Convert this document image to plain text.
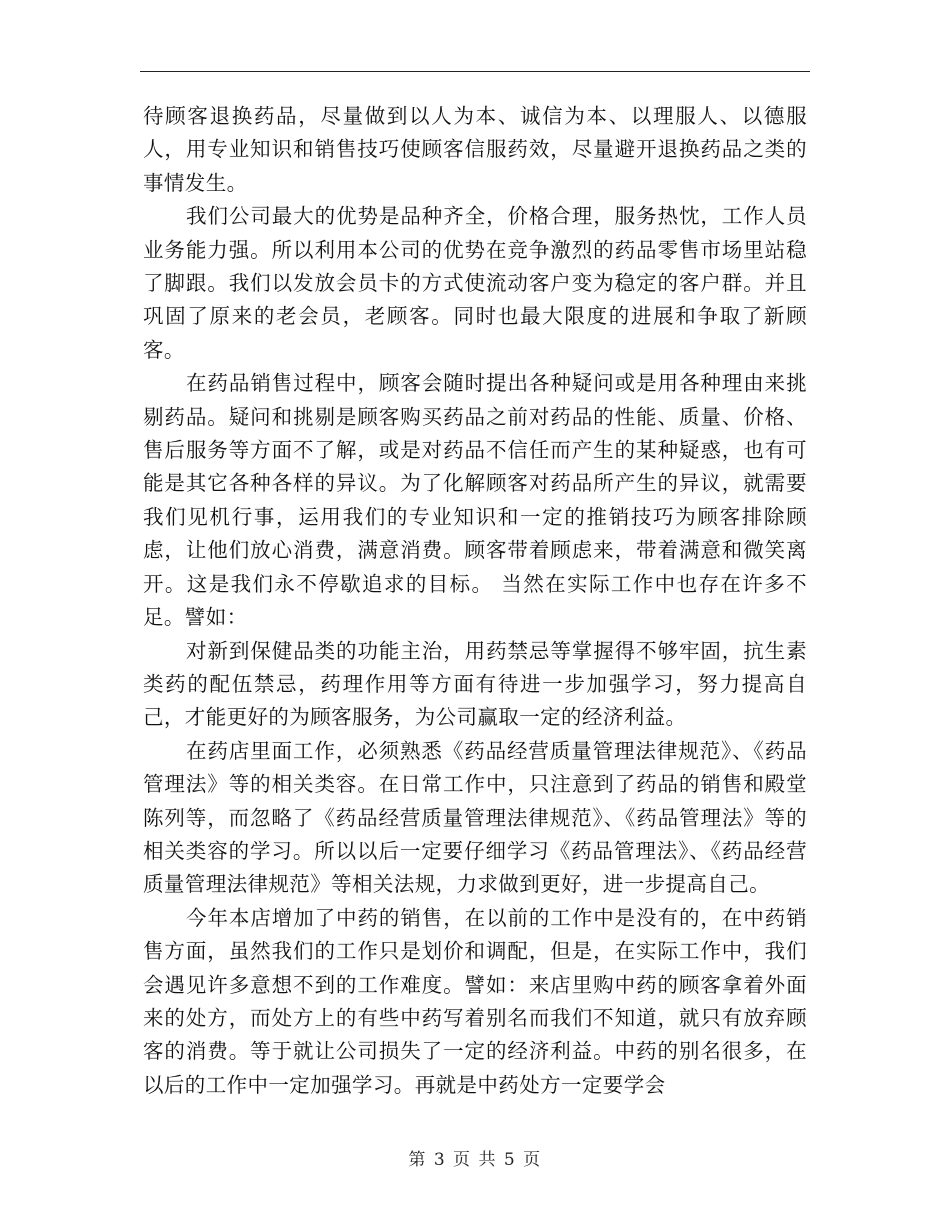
待顾客退换药品，尽量做到以人为本、诚信为本、以理服人、以德服人，用专业知识和销售技巧使顾客信服药效，尽量避开退换药品之类的事情发生。

我们公司最大的优势是品种齐全，价格合理，服务热忱，工作人员业务能力强。所以利用本公司的优势在竞争激烈的药品零售市场里站稳了脚跟。我们以发放会员卡的方式使流动客户变为稳定的客户群。并且巩固了原来的老会员，老顾客。同时也最大限度的进展和争取了新顾客。

在药品销售过程中，顾客会随时提出各种疑问或是用各种理由来挑剔药品。疑问和挑剔是顾客购买药品之前对药品的性能、质量、价格、售后服务等方面不了解，或是对药品不信任而产生的某种疑惑，也有可能是其它各种各样的异议。为了化解顾客对药品所产生的异议，就需要我们见机行事，运用我们的专业知识和一定的推销技巧为顾客排除顾虑，让他们放心消费，满意消费。顾客带着顾虑来，带着满意和微笑离开。这是我们永不停歇追求的目标。 当然在实际工作中也存在许多不足。譬如：

对新到保健品类的功能主治，用药禁忌等掌握得不够牢固，抗生素类药的配伍禁忌，药理作用等方面有待进一步加强学习，努力提高自己，才能更好的为顾客服务，为公司赢取一定的经济利益。

在药店里面工作，必须熟悉《药品经营质量管理法律规范》、《药品管理法》等的相关类容。在日常工作中，只注意到了药品的销售和殿堂陈列等，而忽略了《药品经营质量管理法律规范》、《药品管理法》等的相关类容的学习。所以以后一定要仔细学习《药品管理法》、《药品经营质量管理法律规范》等相关法规，力求做到更好，进一步提高自己。

今年本店增加了中药的销售，在以前的工作中是没有的，在中药销售方面，虽然我们的工作只是划价和调配，但是，在实际工作中，我们会遇见许多意想不到的工作难度。譬如：来店里购中药的顾客拿着外面来的处方，而处方上的有些中药写着别名而我们不知道，就只有放弃顾客的消费。等于就让公司损失了一定的经济利益。中药的别名很多，在以后的工作中一定加强学习。再就是中药处方一定要学会

第 3 页 共 5 页
